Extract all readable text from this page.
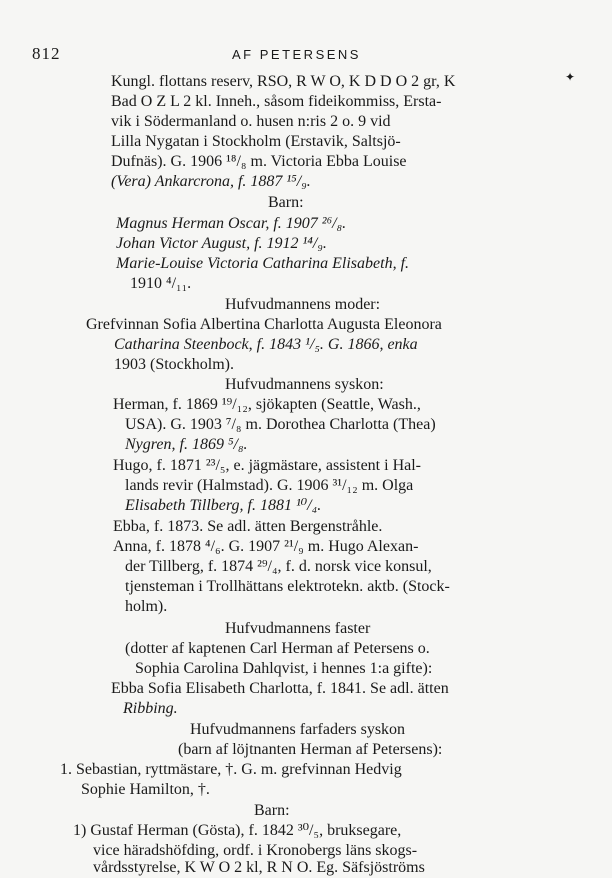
812	AF PETERSENS
✦
Kungl. flottans reserv, RSO, R W O, K D D O 2 gr, K
Bad O Z L 2 kl. Inneh., såsom fideikommiss, Ersta-
vik i Södermanland o. husen n:ris 2 o. 9 vid
Lilla Nygatan i Stockholm (Erstavik, Saltsjö-
Dufnäs). G. 1906 ¹⁸/₈ m. Victoria Ebba Louise
(Vera) Ankarcrona, f. 1887 ¹⁵/₉.
Barn:
Magnus Herman Oscar, f. 1907 ²⁶/₈.
Johan Victor August, f. 1912 ¹⁴/₉.
Marie-Louise Victoria Catharina Elisabeth, f.
1910 ⁴/₁₁.
Hufvudmannens moder:
Grefvinnan Sofia Albertina Charlotta Augusta Eleonora
Catharina Steenbock, f. 1843 ¹/₅. G. 1866, enka
1903 (Stockholm).
Hufvudmannens syskon:
Herman, f. 1869 ¹⁹/₁₂, sjökapten (Seattle, Wash.,
USA). G. 1903 ⁷/₈ m. Dorothea Charlotta (Thea)
Nygren, f. 1869 ⁵/₈.
Hugo, f. 1871 ²³/₅, e. jägmästare, assistent i Hal-
lands revir (Halmstad). G. 1906 ³¹/₁₂ m. Olga
Elisabeth Tillberg, f. 1881 ¹⁰/₄.
Ebba, f. 1873. Se adl. ätten Bergenstråhle.
Anna, f. 1878 ⁴/₆. G. 1907 ²¹/₉ m. Hugo Alexan-
der Tillberg, f. 1874 ²⁹/₄, f. d. norsk vice konsul,
tjensteman i Trollhättans elektrotekn. aktb. (Stock-
holm).
Hufvudmannens faster
(dotter af kaptenen Carl Herman af Petersens o.
Sophia Carolina Dahlqvist, i hennes 1:a gifte):
Ebba Sofia Elisabeth Charlotta, f. 1841. Se adl. ätten
Ribbing.
Hufvudmannens farfaders syskon
(barn af löjtnanten Herman af Petersens):
1. Sebastian, ryttmästare, †. G. m. grefvinnan Hedvig
Sophie Hamilton, †.
Barn:
1) Gustaf Herman (Gösta), f. 1842 ³⁰/₅, bruksegare,
vice häradshöfding, ordf. i Kronobergs läns skogs-
vårdsstyrelse, K W O 2 kl, R N O. Eg. Säfsjöströms
